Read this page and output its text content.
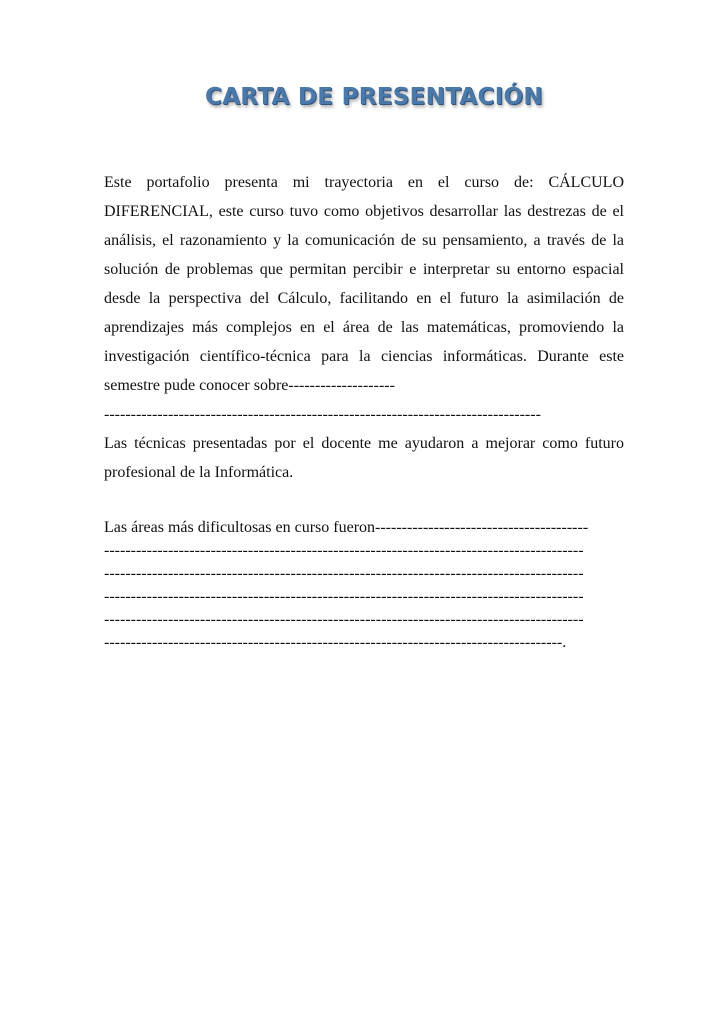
CARTA DE PRESENTACIÓN

Este portafolio presenta mi trayectoria en el curso de: CÁLCULO DIFERENCIAL, este curso tuvo como objetivos desarrollar las destrezas de el análisis, el razonamiento y la comunicación de su pensamiento, a través de la solución de problemas que permitan percibir e interpretar su entorno espacial desde la perspectiva del Cálculo, facilitando en el futuro la asimilación de aprendizajes más complejos en el área de las matemáticas, promoviendo la investigación científico-técnica para la ciencias informáticas. Durante este semestre pude conocer sobre--------------------

----------------------------------------------------------------------------------

Las técnicas presentadas por el docente me ayudaron a mejorar como futuro profesional de la Informática.

Las áreas más dificultosas en curso fueron----------------------------------------
------------------------------------------------------------------------------------------
------------------------------------------------------------------------------------------
------------------------------------------------------------------------------------------
------------------------------------------------------------------------------------------
--------------------------------------------------------------------------------------.
